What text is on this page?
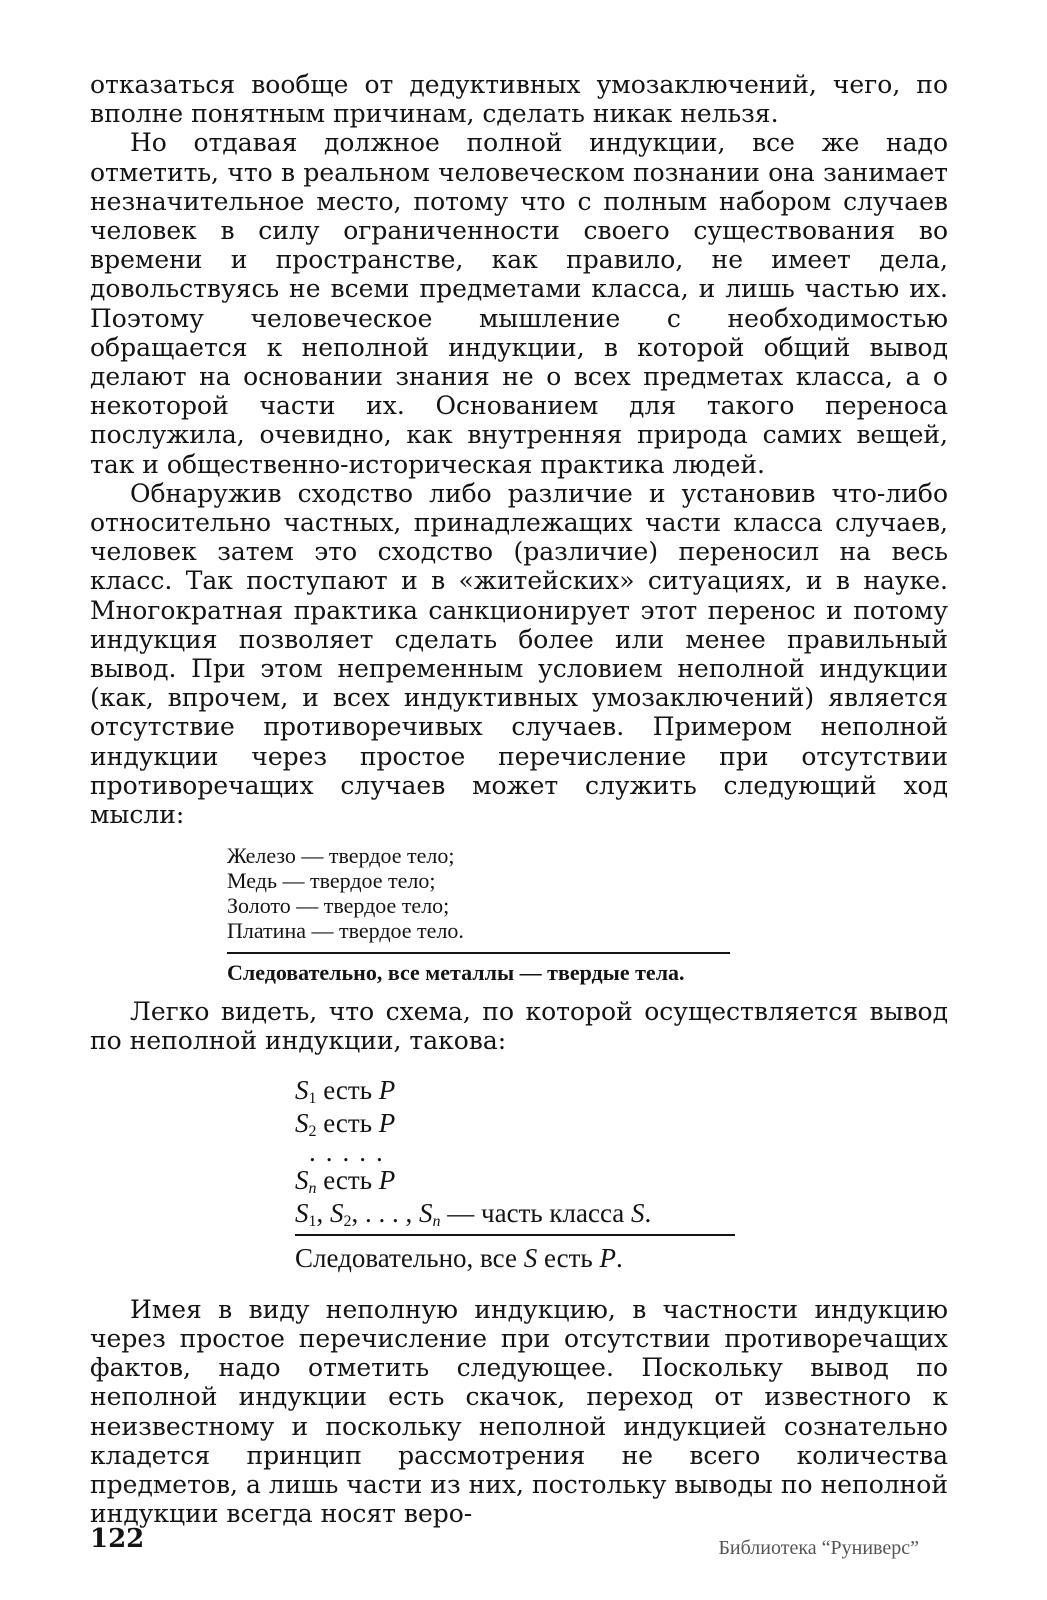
отказаться вообще от дедуктивных умозаключений, чего, по вполне понятным причинам, сделать никак нельзя.

Но отдавая должное полной индукции, все же надо отметить, что в реальном человеческом познании она занимает незначительное место, потому что с полным набором случаев человек в силу ограниченности своего существования во времени и пространстве, как правило, не имеет дела, довольствуясь не всеми предметами класса, и лишь частью их. Поэтому человеческое мышление с необходимостью обращается к неполной индукции, в которой общий вывод делают на основании знания не о всех предметах класса, а о некоторой части их. Основанием для такого переноса послужила, очевидно, как внутренняя природа самих вещей, так и общественно-историческая практика людей.

Обнаружив сходство либо различие и установив что-либо относительно частных, принадлежащих части класса случаев, человек затем это сходство (различие) переносил на весь класс. Так поступают и в «житейских» ситуациях, и в науке. Многократная практика санкционирует этот перенос и потому индукция позволяет сделать более или менее правильный вывод. При этом непременным условием неполной индукции (как, впрочем, и всех индуктивных умозаключений) является отсутствие противоречивых случаев. Примером неполной индукции через простое перечисление при отсутствии противоречащих случаев может служить следующий ход мысли:

Железо — твердое тело;
Медь — твердое тело;
Золото — твердое тело;
Платина — твердое тело.
Следовательно, все металлы — твердые тела.

Легко видеть, что схема, по которой осуществляется вывод по неполной индукции, такова:

$S_1$ есть P
$S_2$ есть P
.....
$S_n$ есть P
$S_1$, $S_2$, . . . , $S_n$ — часть класса S.
Следовательно, все S есть P.

Имея в виду неполную индукцию, в частности индукцию через простое перечисление при отсутствии противоречащих фактов, надо отметить следующее. Поскольку вывод по неполной индукции есть скачок, переход от известного к неизвестному и поскольку неполной индукцией сознательно кладется принцип рассмотрения не всего количества предметов, а лишь части из них, постольку выводы по неполной индукции всегда носят веро-

122	Библиотека “Руниверс”
